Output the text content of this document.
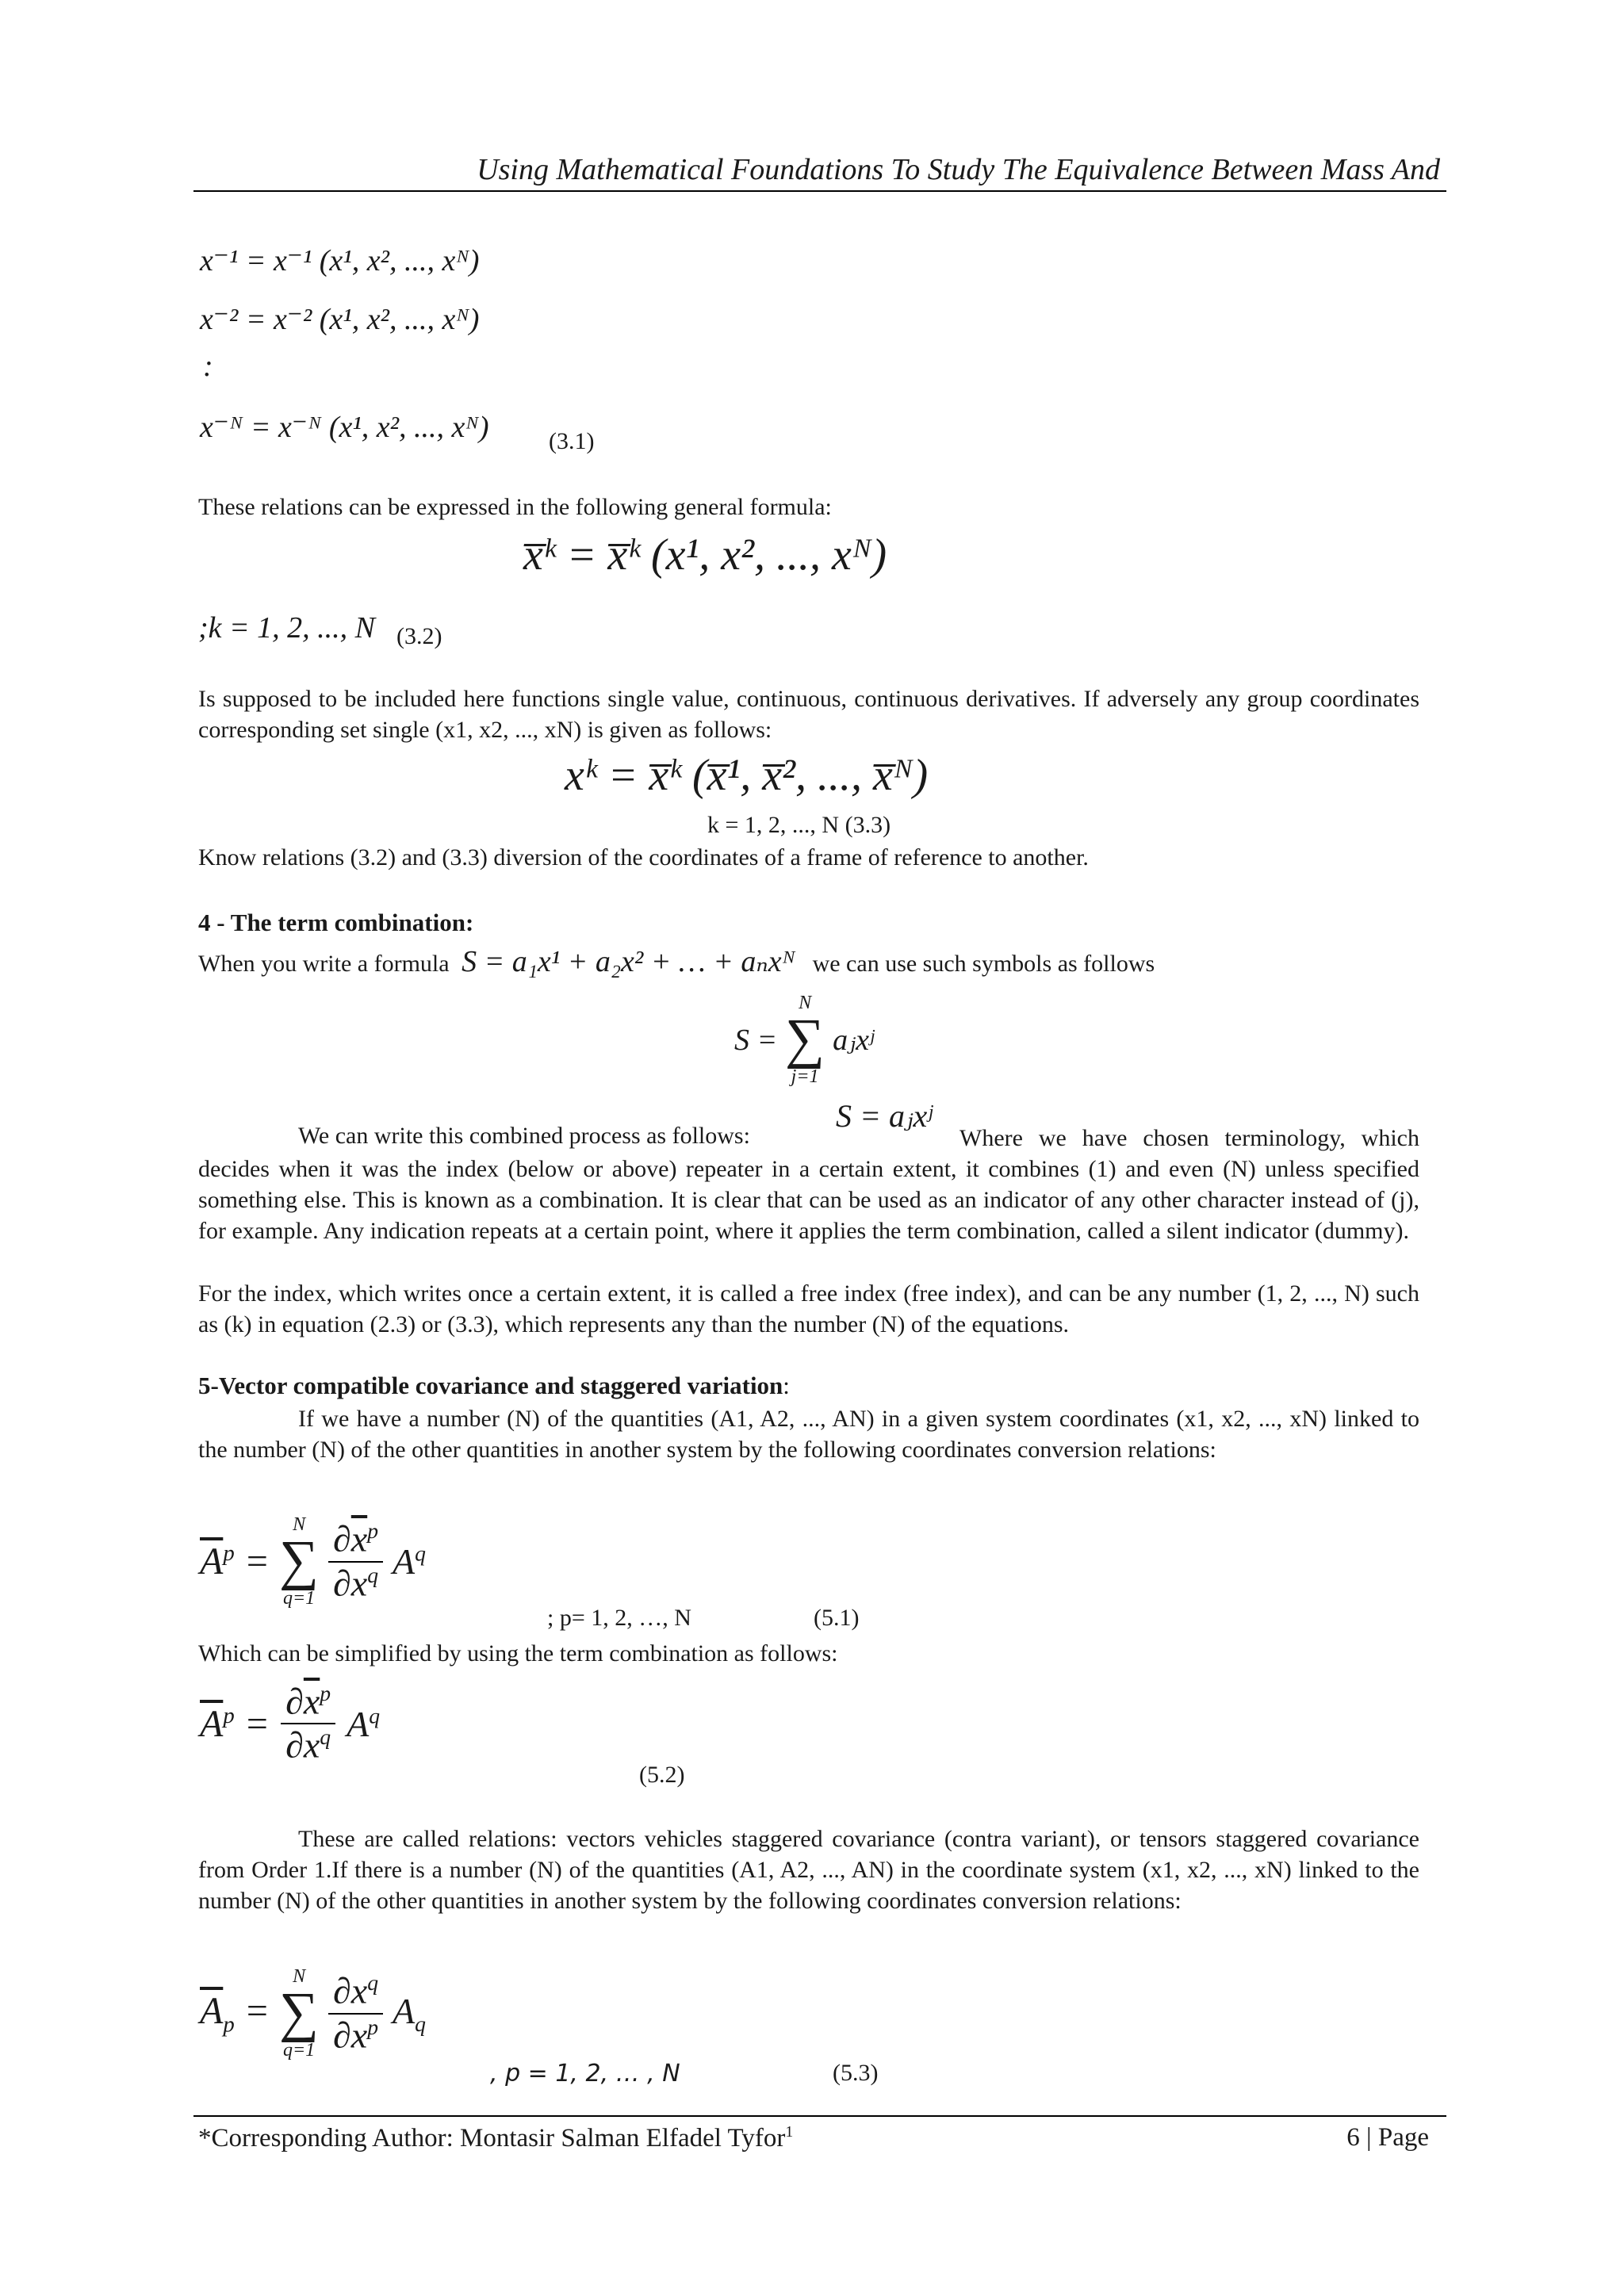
Using Mathematical Foundations To Study The Equivalence Between Mass And
x⁻¹ = x⁻¹ (x¹, x², ..., xᴺ)
x⁻² = x⁻² (x¹, x², ..., xᴺ)
:
x⁻ᴺ = x⁻ᴺ (x¹, x², ..., xᴺ)	(3.1)
These relations can be expressed in the following general formula:
x̅ᵏ = x̅ᵏ (x¹, x², ..., xᴺ)
;k = 1, 2, ..., N (3.2)
Is supposed to be included here functions single value, continuous, continuous derivatives. If adversely any group coordinates corresponding set single (x1, x2, ..., xN) is given as follows:
xᵏ = x̅ᵏ (x̅¹, x̅², ..., x̅ᴺ)
k = 1, 2, ..., N (3.3)
Know relations (3.2) and (3.3) diversion of the coordinates of a frame of reference to another.
4 - The term combination:
When you write a formula S = a₁x¹ + a₂x² + … + aₙxᴺ we can use such symbols as follows
S =
N
∑
j=1
aⱼxʲ
S = aⱼxʲ
We can write this combined process as follows:	Where we have chosen terminology, which decides when it was the index (below or above) repeater in a certain extent, it combines (1) and even (N) unless specified something else. This is known as a combination. It is clear that can be used as an indicator of any other character instead of (j), for example. Any indication repeats at a certain point, where it applies the term combination, called a silent indicator (dummy).
For the index, which writes once a certain extent, it is called a free index (free index), and can be any number (1, 2, ..., N) such as (k) in equation (2.3) or (3.3), which represents any than the number (N) of the equations.
5-Vector compatible covariance and staggered variation:
If we have a number (N) of the quantities (A1, A2, ..., AN) in a given system coordinates (x1, x2, ..., xN) linked to the number (N) of the other quantities in another system by the following coordinates conversion relations:
$\overline{A}^p$ =
N
∑
$q=1 \frac{\partial\overline{x}^p}{\partial x^q} A^q$
; p= 1, 2, …, N	(5.1)
Which can be simplified by using the term combination as follows:
$\overline{A}^p = \frac{\partial\overline{x}^p}{\partial x^q} A^q$
(5.2)
These are called relations: vectors vehicles staggered covariance (contra variant), or tensors staggered covariance from Order 1.If there is a number (N) of the quantities (A1, A2, ..., AN) in the coordinate system (x1, x2, ..., xN) linked to the number (N) of the other quantities in another system by the following coordinates conversion relations:
$\overline{A}_p$ =
N
∑
$q=1 \frac{\partial x^q}{\partial x^p} A_q$
, p = 1, 2, … , N	(5.3)
*Corresponding Author: Montasir Salman Elfadel Tyfor$^1$	6 | Page
